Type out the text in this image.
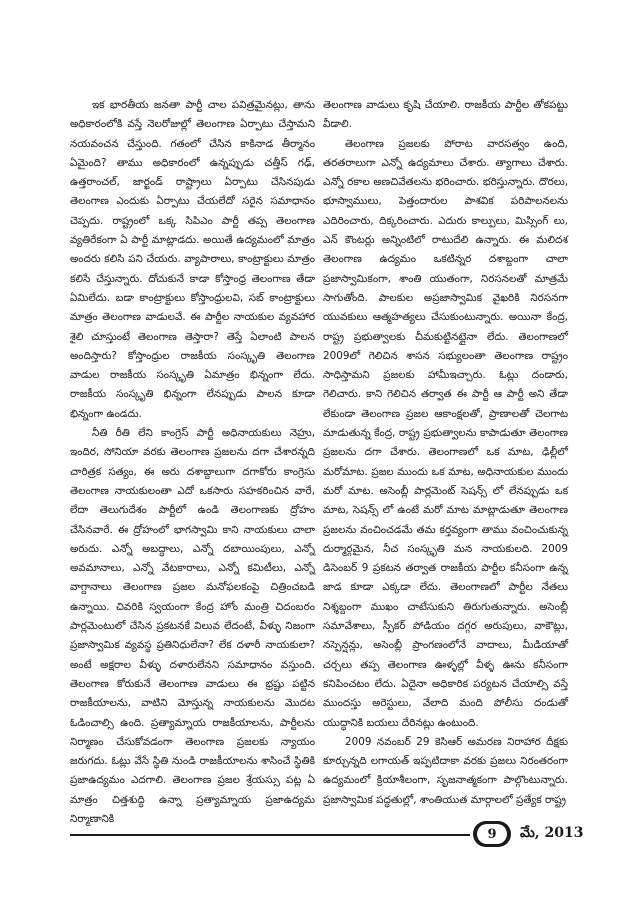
ఇక భారతీయ జనతా పార్టీ చాల పవిత్రమైనట్లు, తాను అధికారంలోకి వస్తే నెలరోజుల్లో తెలంగాణ ఏర్పాటు చేస్తామని నయవంచన చేస్తుంది. గతంలో చేసిన కాకినాడ తీర్మానం ఏమైంది? తాము అధికారంలో ఉన్నప్పుడు చత్తీస్ గఢ్, ఉత్తరాంచల్, జార్ఖండ్ రాష్ట్రాలు ఏర్పాటు చేసినపుడు తెలంగాణ ఎందుకు ఏర్పాటు చేయలేదో సరైన సమాధానం చెప్పదు. రాష్ట్రంలో ఒక్క సిపిఎం పార్టీ తప్ప తెలంగాణ వ్యతిరేకంగా ఏ పార్టీ మాట్లాడదు. అయితే ఉద్యమంలో మాత్రం అందరు కలిసి పని చేయరు. వ్యాపారాలు, కాంట్రాక్టులు మాత్రం కలిసే చేస్తున్నారు. దోచుకునే కాడా కోస్తాంధ్ర తెలంగాణ తేడా ఏమిలేదు. బడా కాంట్రాక్టులు కోస్తాంధ్రులవి, సబ్ కాంట్రాక్టులు మాత్రం తెలంగాణ వాడులవే. ఈ పార్టీల నాయకుల వ్యవహార శైలి చూస్తుంటే తెలంగాణ తెస్తారా? తెస్తే ఏలాంటి పాలన అందిస్తారు? కోస్తాంధ్రుల రాజకీయ సంస్కృతి తెలంగాణ వాడుల రాజకీయ సంస్కృతి ఏమాత్రం భిన్నంగా లేదు. రాజకీయ సంస్కృతి భిన్నంగా లేనప్పుడు పాలన కూడా భిన్నంగా ఉండదు.

నీతి రీతి లేని కాంగ్రెస్ పార్టీ అధినాయకులు నెహ్రు, ఇందిర, సోనియా వరకు తెలంగాణ ప్రజలను దగా చేశారన్నది చారిత్రక సత్యం, ఈ అరు దశాబ్దాలుగా దగాకోరు కాంగ్రెసు తెలంగాణ నాయకులంతా ఎదో ఒకసారు సహకరించిన వారే, లేదా తెలుగుదేశం పార్టీలో ఉండి తెలంగాణకు ద్రోహం చేసినవారే. ఈ ద్రోహంలో భాగస్వామి కాని నాయకులు చాలా అరుదు. ఎన్నో అబద్ధాలు, ఎన్నో దబాయింపులు, ఎన్నో అవమానాలు, ఎన్నో వేటకారాలు, ఎన్నో కమిటీలు, ఎన్నో వాగ్దానాలు తెలంగాణ ప్రజల మనోఫలకంపై చిత్రించబడి ఉన్నాయి. చివరికి స్వయంగా కేంద్ర హోం మంత్రి చిదంబరం పార్లమెంటులో చేసిన ప్రకటనకే విలువ లేదంటే, వీళ్ళు నిజంగా ప్రజాస్వామిక వ్యవస్థ ప్రతినిధులేనా? లేక దళారీ నాయకులా? అంటే అక్షరాల వీళ్ళు దళారులేనని సమాధానం వస్తుంది. తెలంగాణ కోరుకునే తెలంగాణ వాడులు ఈ భ్రష్టు పట్టిన రాజకీయాలను, వాటిని మోస్తున్న నాయకులను మొదట ఓడించాల్సి ఉంది. ప్రత్యామ్నాయ రాజకీయాలను, పార్టీలను నిర్మాణం చేసుకోవడంగా తెలంగాణ ప్రజలకు న్యాయం జరుగదు. ఓట్లు వేసే స్థితి నుండి రాజకీయాలను శాసించే స్థితికి ప్రజాఉద్యమం ఎదగాలి. తెలంగాణ ప్రజల శ్రేయస్సు పట్ల ఏ మాత్రం చిత్తశుద్ధి ఉన్నా ప్రత్యామ్నాయ ప్రజాఉద్యమ నిర్మాణానికి

తెలంగాణ వాడులు కృషి చేయాలి. రాజకీయ పార్టీల తోకపట్టు వీడాలి.

తెలంగాణ ప్రజలకు పోరాట వారసత్వం ఉంది, తరతరాలుగా ఎన్నో ఉద్యమాలు చేశారు. త్యాగాలు చేశారు. ఎన్నో రకాల అణచివేతలను భరించారు. భరిస్తున్నారు. దొరలు, భూస్వాములు, పెత్తందారుల పాశవిక పరిపాలనలను ఎదిరించారు, దిక్కరించారు. ఎదురు కాల్పులు, మిస్సింగ్ లు, ఎన్ కౌంటర్లు అన్నింటిలో రాటుదేలి ఉన్నారు. ఈ మలిదశ తెలంగాణ ఉద్యమం ఒకటిన్నర దశాబ్దంగా చాలా ప్రజాస్వామికంగా, శాంతి యుతంగా, నిరసనలతో మాత్రమే సాగుతోంది. పాలకుల అప్రజాస్వామిక వైఖరికి నిరసనగా యువకులు ఆత్మహత్యలు చేసుకుంటున్నారు. అయినా కేంద్ర, రాష్ట్ర ప్రభుత్వాలకు చీమకుట్టినట్లైనా లేదు. తెలంగాణలో 2009లో గెలిచిన శాసన సభ్యులంతా తెలంగాణ రాష్ట్రం సాధిస్తామని ప్రజలకు హామీఇచ్చారు. ఓట్లు దండారు, గెలిచారు. కాని గెలిచిన తర్వాత ఈ పార్టీ ఆ పార్టీ అని తేడా లేకుండా తెలంగాణ ప్రజల ఆకాంక్షలతో, ప్రాణాలతో చెలగాట మాడుతున్న కేంద్ర, రాష్ట్ర ప్రభుత్వాలను కాపాడుతూ తెలంగాణ ప్రజలను దగా చేశారు. తెలంగాణలో ఒక మాట, ఢిల్లీలో మరోమాట. ప్రజల ముందు ఒక మాట, అధినాయకుల ముందు మరో మాట. అసెంబ్లీ పార్లమెంట్ సెషన్స్ లో లేనప్పుడు ఒక మాట, సెషన్స్ లో ఉంటే మరో మాట మాట్లాడుతూ తెలంగాణ ప్రజలను వంచించడమే తమ కర్తవ్యంగా తాము వంచించుకున్న దుర్మార్గమైన, నీచ సంస్కృతి మన నాయకులది. 2009 డిసెంబర్ 9 ప్రకటన తర్వాత రాజకీయ పార్టీల కనీసంగా ఉన్న జాడ కూడా ఎక్కడా లేదు. తెలంగాణలో పార్టీల నేతలు నిశ్శబ్దంగా ముఖం చాటేసుకుని తిరుగుతున్నారు. అసెంబ్లీ సమావేశాలు, స్పీకర్ పోడియం దగ్గర అరుపులు, వాకౌట్లు, నస్పెన్షన్లు, అసెంబ్లీ ప్రాంగణంలోనే వాదాలు, మీడియాతో చర్చలు తప్ప తెలంగాణ ఊళ్ళల్లో వీళ్ళ ఊను కనీసంగా కనిపించటం లేదు. ఏదైనా అధికారిక పర్యటన చేయాల్సి వస్తే ముందస్తు అరెస్టులు, వేలాది మంది పోలీసు దండుతో యుద్ధానికి బయలు దేరినట్లు ఉంటుంది.

2009 నవంబర్ 29 కెసిఆర్ అమరణ నిరాహార దీక్షకు కూర్చున్నది లగాయత్ ఇప్పటిదాకా వరకు ప్రజలు నిరంతరంగా ఉద్యమంలో క్రియాశీలంగా, సృజనాత్మకంగా పాల్గొంటున్నారు. ప్రజాస్వామిక పద్ధతుల్లో, శాంతియుత మార్గాలలో ప్రత్యేక రాష్ట్ర

9	మే, 2013
